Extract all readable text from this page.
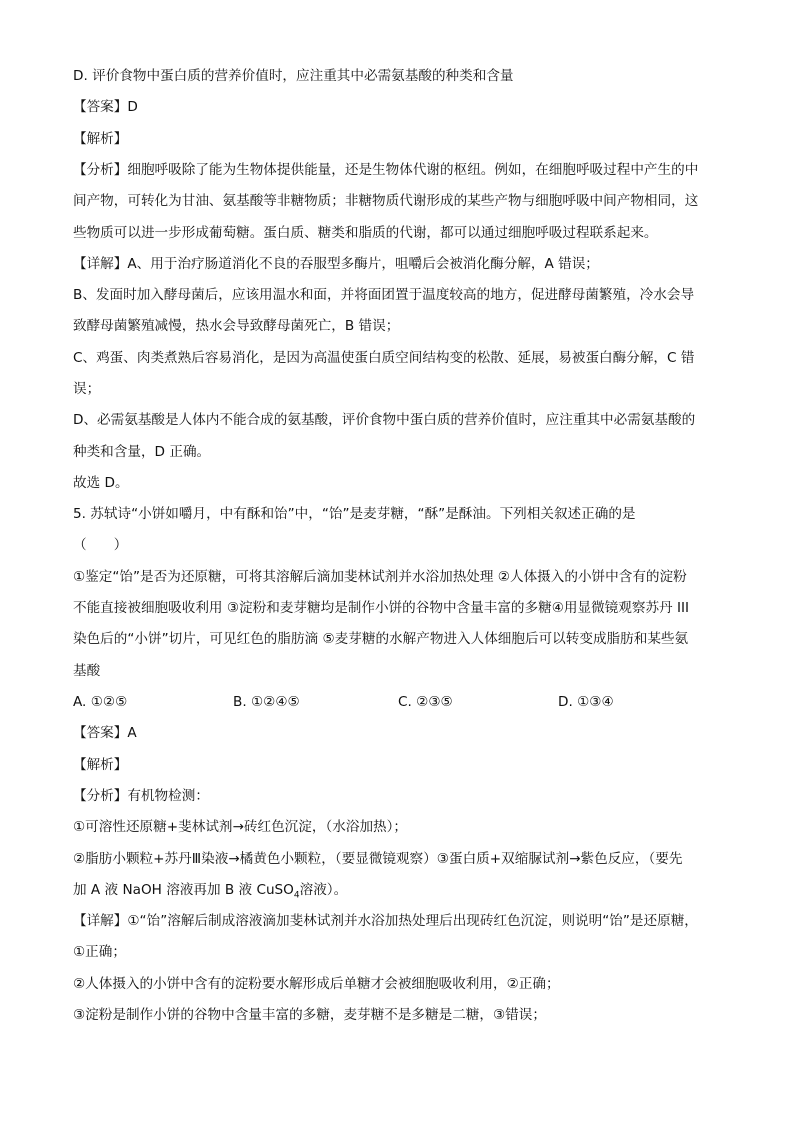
D. 评价食物中蛋白质的营养价值时，应注重其中必需氨基酸的种类和含量
【答案】D
【解析】
【分析】细胞呼吸除了能为生物体提供能量，还是生物体代谢的枢纽。例如，在细胞呼吸过程中产生的中
间产物，可转化为甘油、氨基酸等非糖物质；非糖物质代谢形成的某些产物与细胞呼吸中间产物相同，这
些物质可以进一步形成葡萄糖。蛋白质、糖类和脂质的代谢，都可以通过细胞呼吸过程联系起来。
【详解】A、用于治疗肠道消化不良的吞服型多酶片，咀嚼后会被消化酶分解，A 错误；
B、发面时加入酵母菌后，应该用温水和面，并将面团置于温度较高的地方，促进酵母菌繁殖，冷水会导
致酵母菌繁殖减慢，热水会导致酵母菌死亡，B 错误；
C、鸡蛋、肉类煮熟后容易消化，是因为高温使蛋白质空间结构变的松散、延展，易被蛋白酶分解，C 错
误；
D、必需氨基酸是人体内不能合成的氨基酸，评价食物中蛋白质的营养价值时，应注重其中必需氨基酸的
种类和含量，D 正确。
故选 D。
5. 苏轼诗“小饼如嚼月，中有酥和饴”中，“饴”是麦芽糖，“酥”是酥油。下列相关叙述正确的是
（　　）
①鉴定“饴”是否为还原糖，可将其溶解后滴加斐林试剂并水浴加热处理 ②人体摄入的小饼中含有的淀粉
不能直接被细胞吸收利用 ③淀粉和麦芽糖均是制作小饼的谷物中含量丰富的多糖④用显微镜观察苏丹 III
染色后的“小饼”切片，可见红色的脂肪滴 ⑤麦芽糖的水解产物进入人体细胞后可以转变成脂肪和某些氨
基酸
A. ①②⑤	B. ①②④⑤	C. ②③⑤	D. ①③④
【答案】A
【解析】
【分析】有机物检测：
①可溶性还原糖+斐林试剂→砖红色沉淀，（水浴加热）；
②脂肪小颗粒+苏丹Ⅲ染液→橘黄色小颗粒，（要显微镜观察）③蛋白质+双缩脲试剂→紫色反应，（要先
加 A 液 NaOH 溶液再加 B 液 CuSO$_4$溶液）。
【详解】①“饴”溶解后制成溶液滴加斐林试剂并水浴加热处理后出现砖红色沉淀，则说明“饴”是还原糖，
①正确；
②人体摄入的小饼中含有的淀粉要水解形成后单糖才会被细胞吸收利用，②正确；
③淀粉是制作小饼的谷物中含量丰富的多糖，麦芽糖不是多糖是二糖，③错误；
